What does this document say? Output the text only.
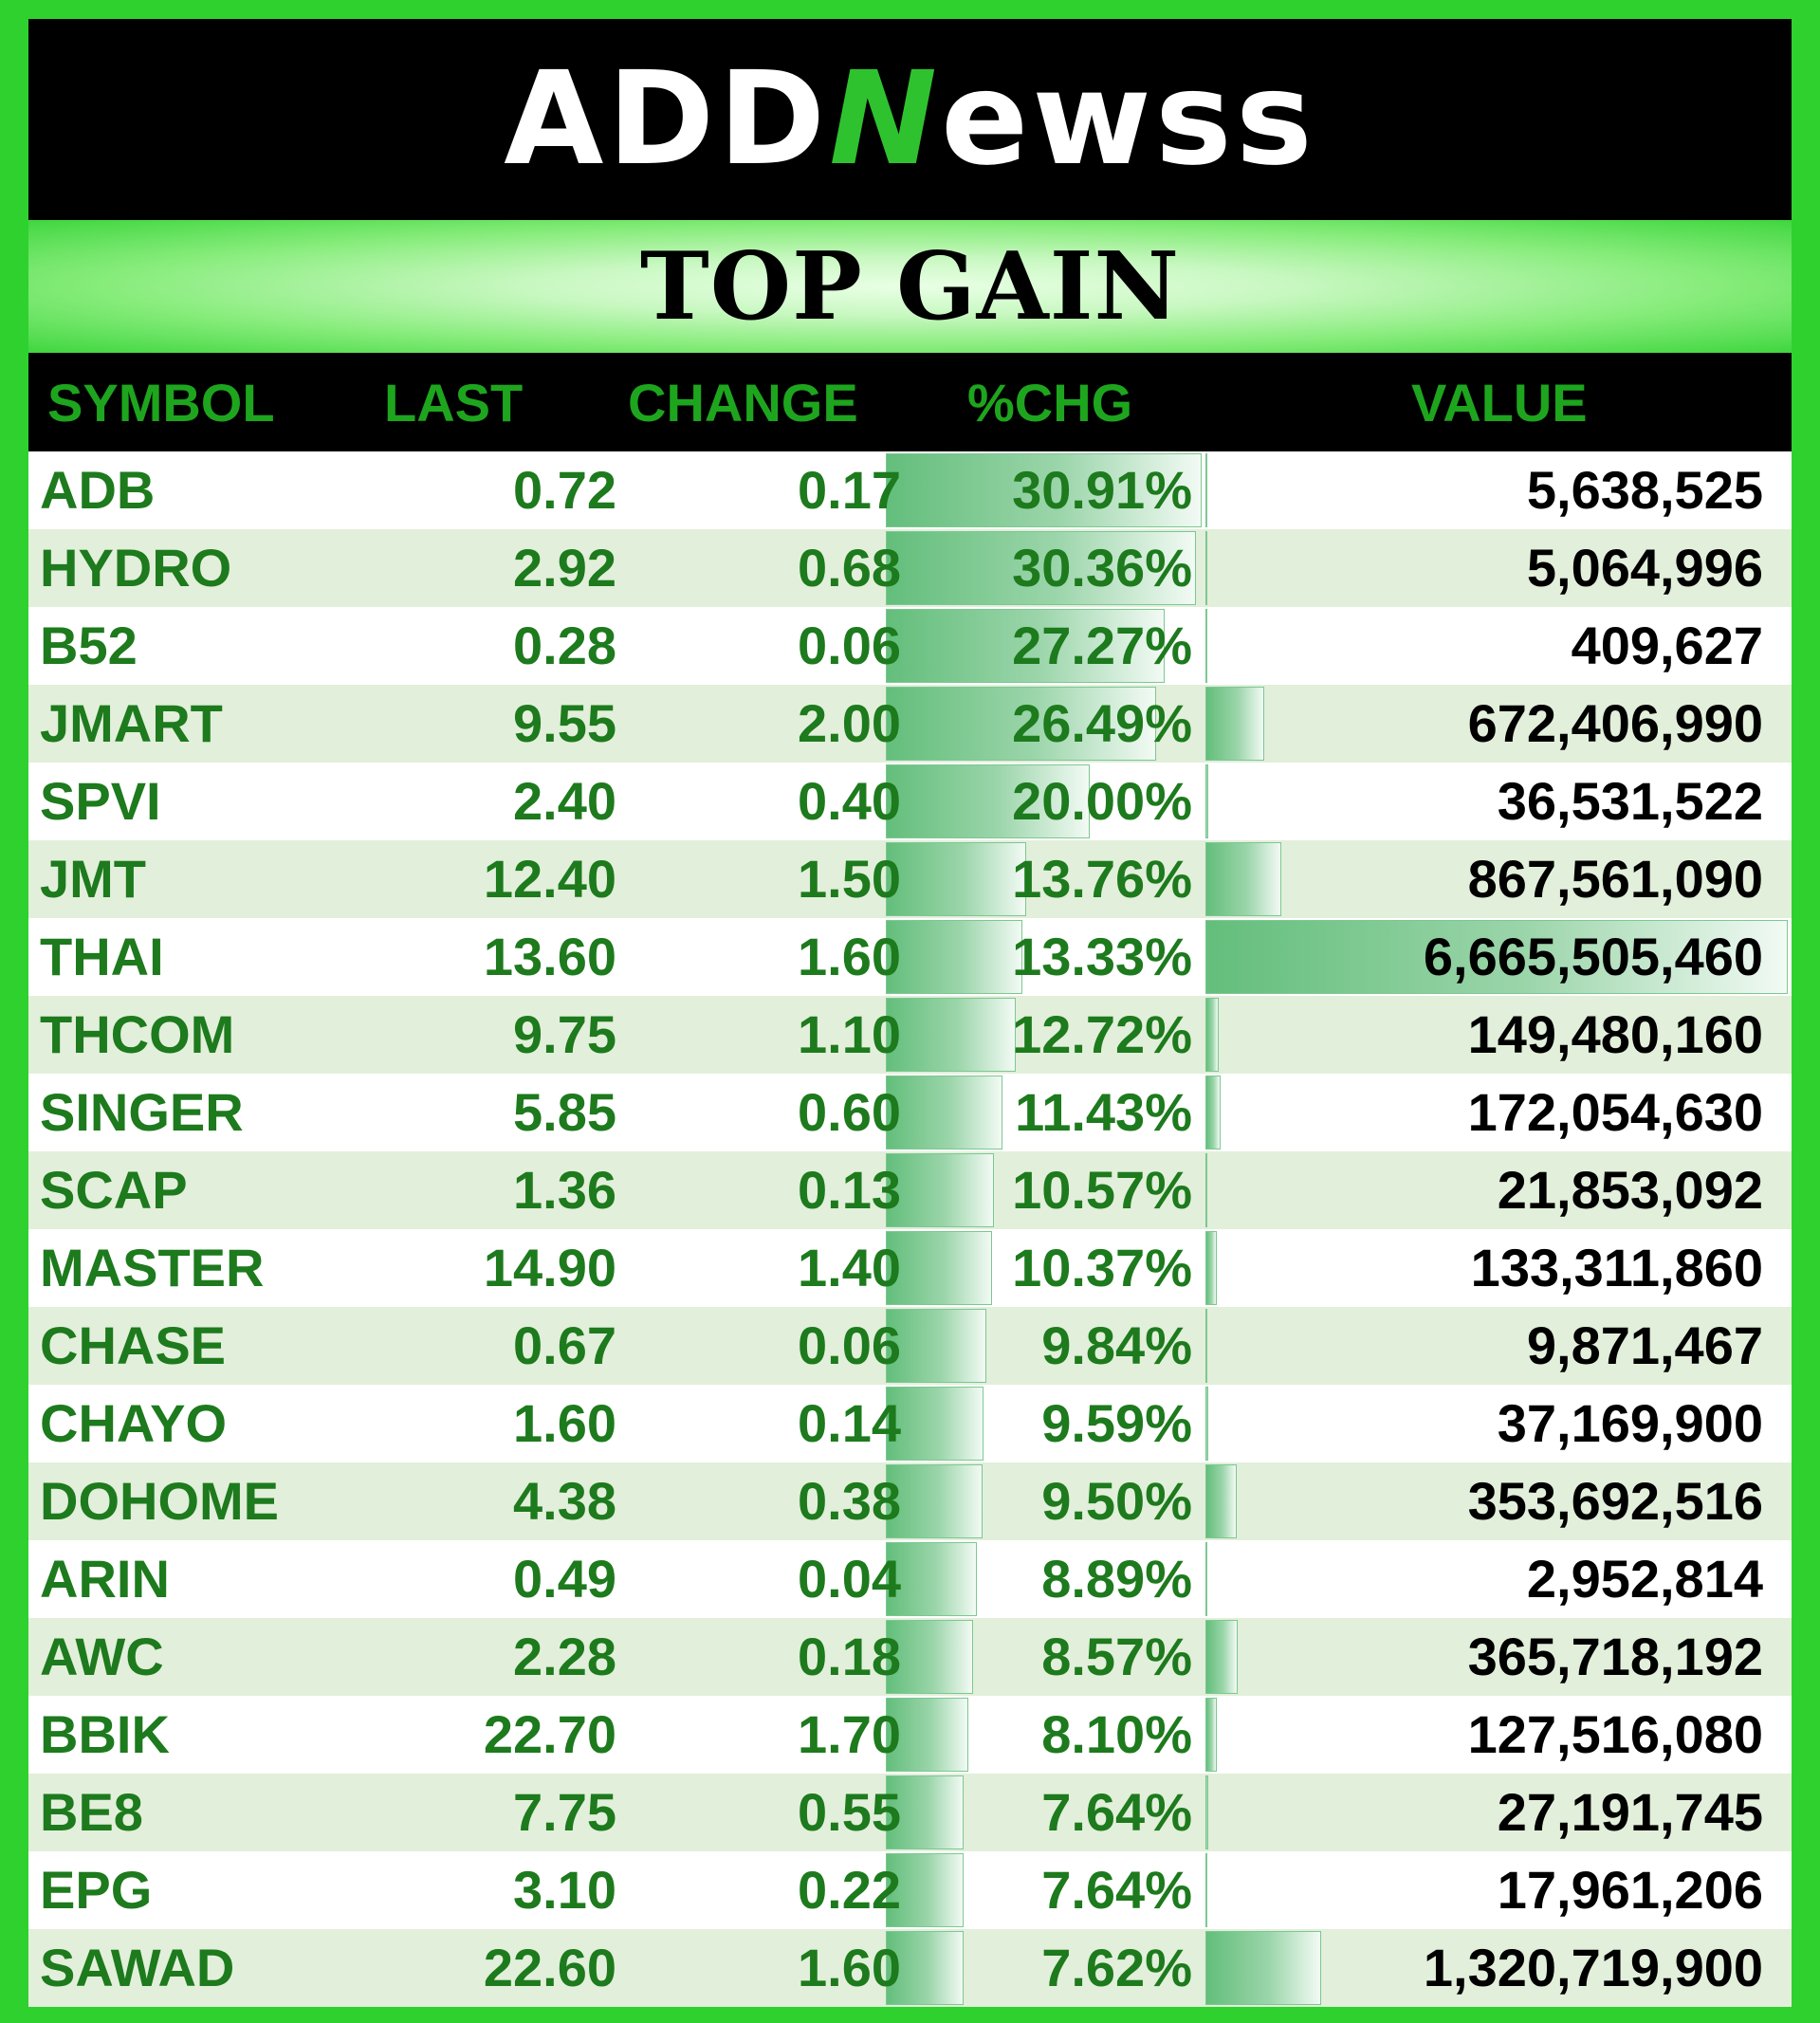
ADD N ewss
TOP GAIN
SYMBOL LAST CHANGE %CHG	VALUE
ADB	0.72	0.17 30.91%	5,638,525
HYDRO	2.92	0.68 30.36%	5,064,996
B52	0.28	0.06 27.27%	409,627
JMART	9.55	2.00 26.49%	672,406,990
SPVI	2.40	0.40 20.00%	36,531,522
JMT	12.40	1.50 13.76%	867,561,090
THAI	13.60	1.60 13.33%	6,665,505,460
THCOM	9.75	1.10 12.72%	149,480,160
SINGER	5.85	0.60 11.43%	172,054,630
SCAP	1.36	0.13 10.57%	21,853,092
MASTER	14.90	1.40 10.37%	133,311,860
CHASE	0.67	0.06	9.84%	9,871,467
CHAYO	1.60	0.14	9.59%	37,169,900
DOHOME	4.38	0.38	9.50%	353,692,516
ARIN	0.49	0.04	8.89%	2,952,814
AWC	2.28	0.18	8.57%	365,718,192
BBIK	22.70	1.70	8.10%	127,516,080
BE8	7.75	0.55	7.64%	27,191,745
EPG	3.10	0.22	7.64%	17,961,206
SAWAD	22.60	1.60	7.62%	1,320,719,900
